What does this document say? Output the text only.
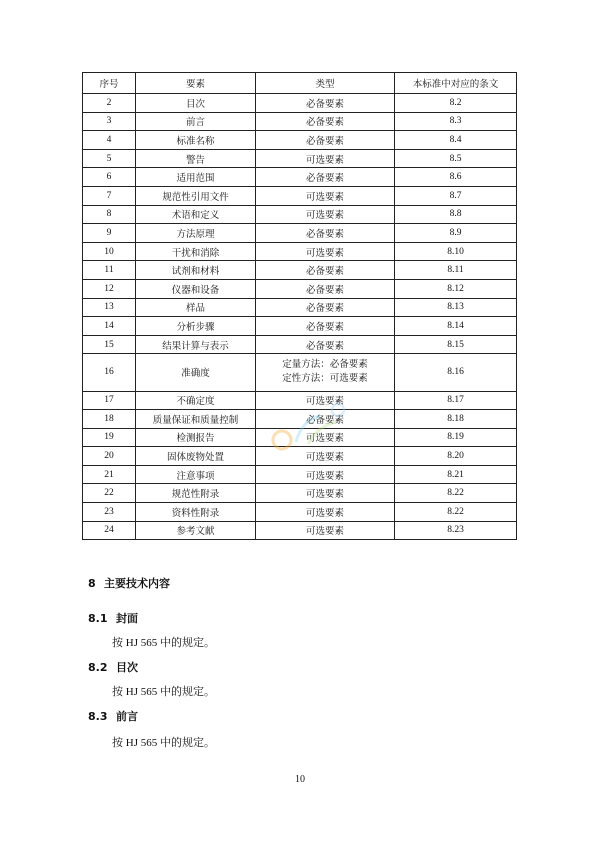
序号	要素	类型	本标准中对应的条文
2	目次	必备要素	8.2
3	前言	必备要素	8.3
4	标准名称	必备要素	8.4
5	警告	可选要素	8.5
6	适用范围	必备要素	8.6
7	规范性引用文件	可选要素	8.7
8	术语和定义	可选要素	8.8
9	方法原理	必备要素	8.9
10	干扰和消除	可选要素	8.10
11	试剂和材料	必备要素	8.11
12	仪器和设备	必备要素	8.12
13	样品	必备要素	8.13
14	分析步骤	必备要素	8.14
15	结果计算与表示	必备要素	8.15
16	准确度	定量方法：必备要素
定性方法：可选要素	8.16
17	不确定度	可选要素	8.17
18	质量保证和质量控制	必备要素	8.18
19	检测报告	可选要素	8.19
20	固体废物处置	可选要素	8.20
21	注意事项	可选要素	8.21
22	规范性附录	可选要素	8.22
23	资料性附录	可选要素	8.22
24	参考文献	可选要素	8.23
8 主要技术内容
8.1 封面
按 HJ 565 中的规定。
8.2 目次
按 HJ 565 中的规定。
8.3 前言
按 HJ 565 中的规定。
10
